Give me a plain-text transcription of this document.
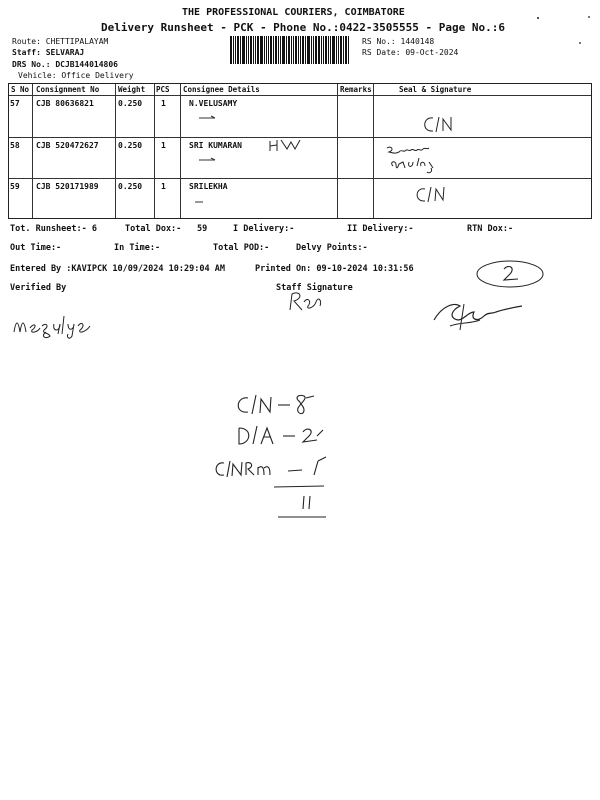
THE PROFESSIONAL COURIERS, COIMBATORE
Delivery Runsheet - PCK - Phone No.:0422-3505555 - Page No.:6
Route: CHETTIPALAYAM
Staff: SELVARAJ
DRS No.: DCJB144014806
Vehicle: Office Delivery
RS No.: 1440148
RS Date: 09-Oct-2024
S No Consignment No	Weight PCS Consignee Details	Remarks	Seal & Signature
57 CJB 80636821	0.250 1	N.VELUSAMY
58 CJB 520472627 0.250 1	SRI KUMARAN
59 CJB 520171989 0.250 1	SRILEKHA
Tot. Runsheet:- 6	Total Dox:- 59	I Delivery:-	II Delivery:-	RTN Dox:-
Out Time:-	In Time:-	Total POD:-	Delvy Points:-
Entered By :KAVIPCK 10/09/2024 10:29:04 AM	Printed On: 09-10-2024 10:31:56
Verified By	Staff Signature
